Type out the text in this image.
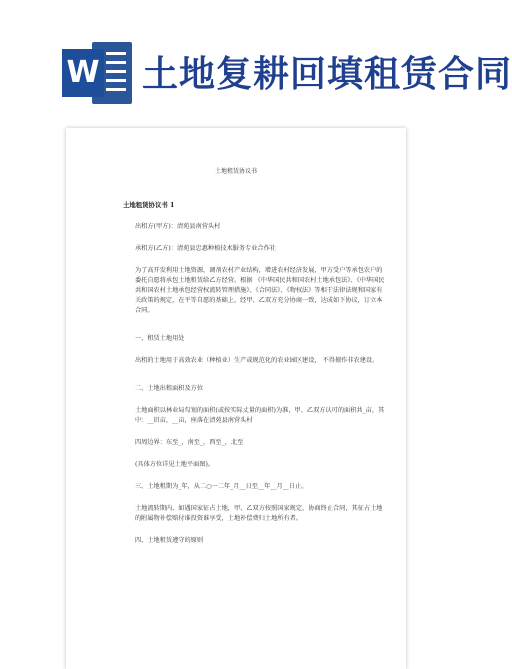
W 土地复耕回填租赁合同
土地租赁协议书

土地租赁协议书 1

出租方(甲方)：清苑县南营头村

承租方(乙方)：清苑县忠惠种植技术服务专业合作社

为了高开发利用土地资源，调剂农村产业结构，增进农村经济发展，甲方受户等承包农户的委托自愿将承包土地租赁给乙方经营。根据 《中华国民共和国农村土地承包法》、《中华国民共和国农村土地承包经营权流转管理措施》、《合同法》、《物权法》等相干法律法规和国家有关政策的规定，在平等自愿的基础上，经甲、乙双方充分协商一致，达成如下协议，订立本合同。

一、租赁土地用处

出租的土地用于高效农业（种植业）生产或规范化的农业园区建设， 不得擅作非农建设。

二、土地出租面积及方位

土地面积以林业局勾划的面积(或按实际丈量的面积)为准，甲、乙双方认可的面积共_亩，其中：__旧亩，__亩，座落在清苑县南营头村

四周边界：东至_，南至_，西至_，北至

(具体方位详见土地平面图)。

三、土地租期为_年，从二○一二年_月__日至__年__月__日止。

土地流转期内，如遇国家征占土地，甲、乙双方按照国家规定，协商终止合同，其征占土地的附属物补偿赔付谁投资谁享受，土地补偿费归土地所有者。

四、土地租赁遵守的原则
